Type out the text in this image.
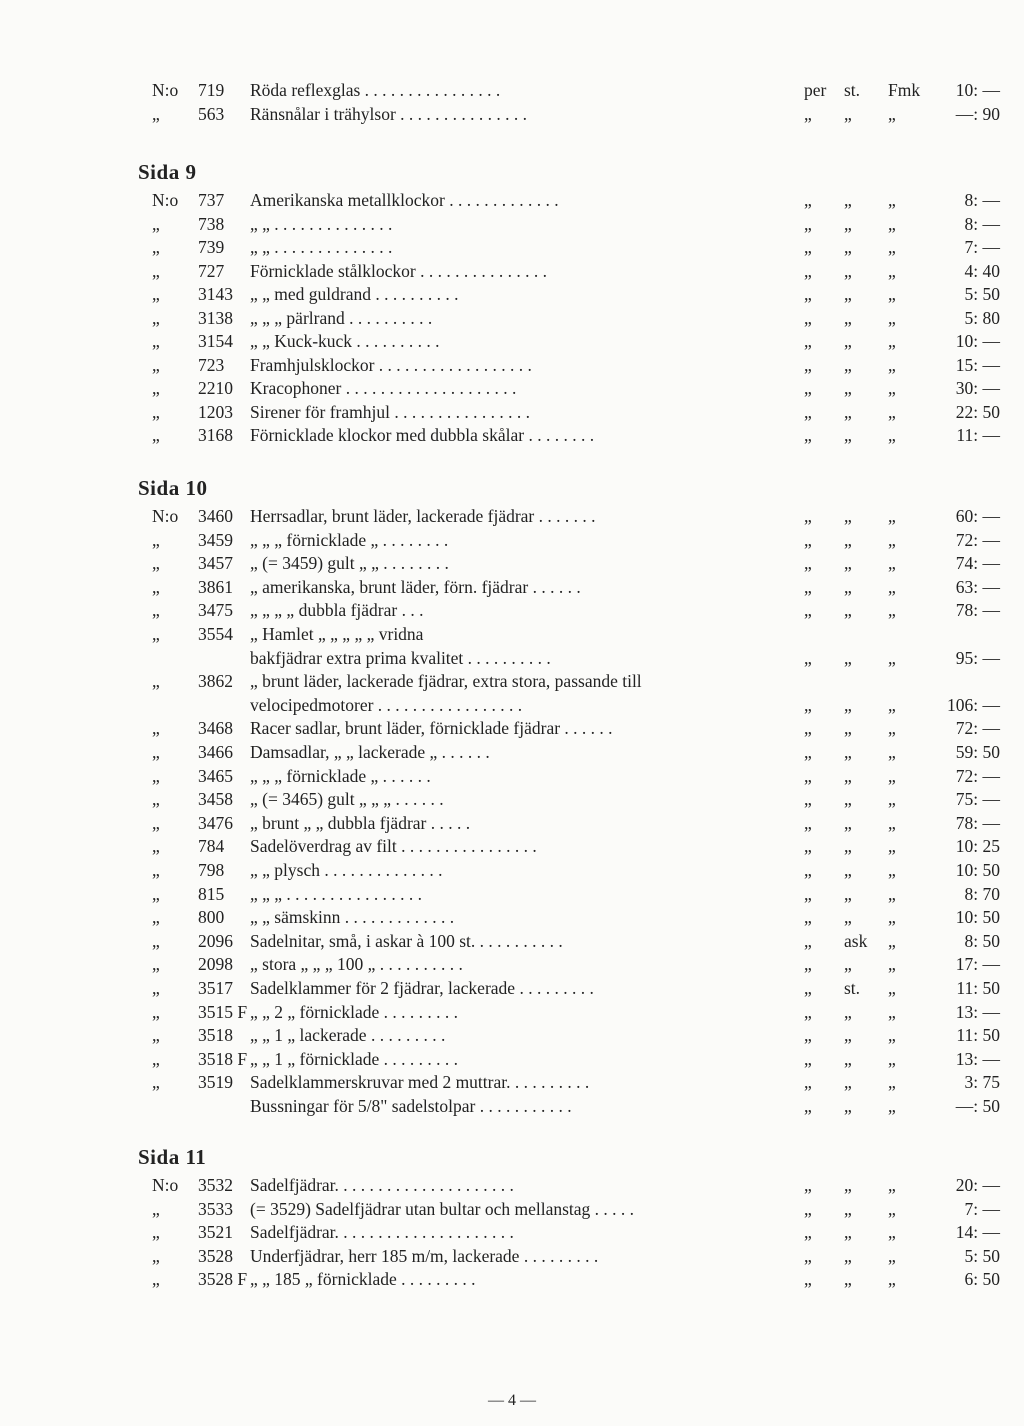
N:o 719 Röda reflexglas . . . . . . . . . . . . . . . .	per st. Fmk 10: —
„ 563 Ränsnålar i trähylsor . . . . . . . . . . . . . . .	„ „ „	—: 90
Sida 9
N:o 737 Amerikanska metallklockor . . . . . . . . . . . . .	„ „ „	8: —
„ 738 „ „ . . . . . . . . . . . . . .	„ „ „	8: —
„ 739 „ „ . . . . . . . . . . . . . .	„ „ „	7: —
„ 727 Förnicklade stålklockor . . . . . . . . . . . . . . .	„ „ „	4: 40
„ 3143 „ „ med guldrand . . . . . . . . . .	„ „ „	5: 50
„ 3138 „ „ „ pärlrand . . . . . . . . . .	„ „ „	5: 80
„ 3154 „ „ Kuck-kuck . . . . . . . . . .	„ „ „	10: —
„ 723 Framhjulsklockor . . . . . . . . . . . . . . . . . .	„ „ „	15: —
„ 2210 Kracophoner . . . . . . . . . . . . . . . . . . . .	„ „ „	30: —
„ 1203 Sirener för framhjul . . . . . . . . . . . . . . . .	„ „ „	22: 50
„ 3168 Förnicklade klockor med dubbla skålar . . . . . . . .	„ „ „	11: —
Sida 10
N:o 3460 Herrsadlar, brunt läder, lackerade fjädrar . . . . . . .	„ „ „	60: —
„ 3459 „ „ „ förnicklade „ . . . . . . . .	„ „ „	72: —
„ 3457 „ (= 3459) gult „ „ . . . . . . . .	„ „ „	74: —
„ 3861 „ amerikanska, brunt läder, förn. fjädrar . . . . . .	„ „ „	63: —
„ 3475 „ „ „ „ dubbla fjädrar . . .	„ „ „	78: —
„ 3554 „ Hamlet „ „ „ „ „ vridna
bakfjädrar extra prima kvalitet . . . . . . . . . .	„ „ „	95: —
„ 3862 „ brunt läder, lackerade fjädrar, extra stora, passande till
velocipedmotorer . . . . . . . . . . . . . . . . .	„ „ „	106: —
„ 3468 Racer sadlar, brunt läder, förnicklade fjädrar . . . . . .	„ „ „	72: —
„ 3466 Damsadlar, „ „ lackerade „ . . . . . .	„ „ „	59: 50
„ 3465 „ „ „ förnicklade „ . . . . . .	„ „ „	72: —
„ 3458 „ (= 3465) gult „ „ „ . . . . . .	„ „ „	75: —
„ 3476 „ brunt „ „ dubbla fjädrar . . . . .	„ „ „	78: —
„ 784 Sadelöverdrag av filt . . . . . . . . . . . . . . . .	„ „ „	10: 25
„ 798 „ „ plysch . . . . . . . . . . . . . .	„ „ „	10: 50
„ 815 „ „ „ . . . . . . . . . . . . . . . .	„ „ „	8: 70
„ 800 „ „ sämskinn . . . . . . . . . . . . .	„ „ „	10: 50
„ 2096 Sadelnitar, små, i askar à 100 st. . . . . . . . . . .	„ ask „	8: 50
„ 2098 „ stora „ „ „ 100 „ . . . . . . . . . .	„ „ „	17: —
„ 3517 Sadelklammer för 2 fjädrar, lackerade . . . . . . . . .	„ st. „	11: 50
„ 3515 F „ „ 2 „ förnicklade . . . . . . . . .	„ „ „	13: —
„ 3518 „ „ 1 „ lackerade . . . . . . . . .	„ „ „	11: 50
„ 3518 F „ „ 1 „ förnicklade . . . . . . . . .	„ „ „	13: —
„ 3519 Sadelklammerskruvar med 2 muttrar. . . . . . . . . .	„ „ „	3: 75
Bussningar för 5/8" sadelstolpar . . . . . . . . . . .	„ „ „	—: 50
Sida 11
N:o 3532 Sadelfjädrar. . . . . . . . . . . . . . . . . . . . .	„ „ „	20: —
„ 3533 (= 3529) Sadelfjädrar utan bultar och mellanstag . . . . .	„ „ „	7: —
„ 3521 Sadelfjädrar. . . . . . . . . . . . . . . . . . . . .	„ „ „	14: —
„ 3528 Underfjädrar, herr 185 m/m, lackerade . . . . . . . . .	„ „ „	5: 50
„ 3528 F „ „ 185 „ förnicklade . . . . . . . . .	„ „ „	6: 50
— 4 —
